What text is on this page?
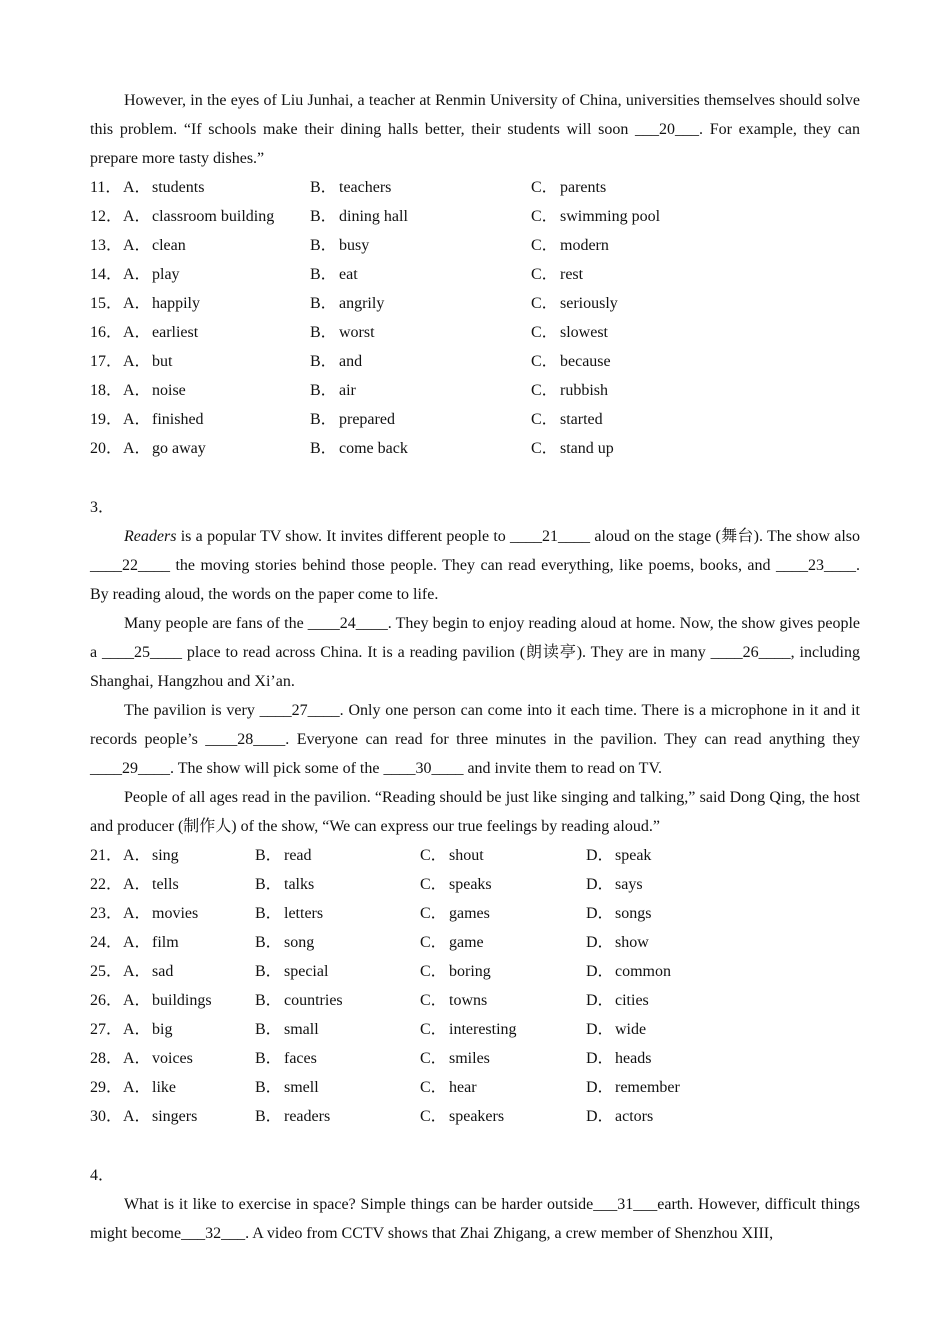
However, in the eyes of Liu Junhai, a teacher at Renmin University of China, universities themselves should solve this problem. “If schools make their dining halls better, their students will soon ___20___. For example, they can prepare more tasty dishes.”

11． A． students	B． teachers	C． parents
12． A． classroom building B． dining hall	C． swimming pool
13． A． clean	B． busy	C． modern
14． A． play	B． eat	C． rest
15． A． happily	B． angrily	C． seriously
16． A． earliest	B． worst	C． slowest
17． A． but	B． and	C． because
18． A． noise	B． air	C． rubbish
19． A． finished	B． prepared	C． started
20． A． go away	B． come back	C． stand up
3．

Readers is a popular TV show. It invites different people to ____21____ aloud on the stage (舞台). The show also ____22____ the moving stories behind those people. They can read everything, like poems, books, and ____23____. By reading aloud, the words on the paper come to life.

Many people are fans of the ____24____. They begin to enjoy reading aloud at home. Now, the show gives people a ____25____ place to read across China. It is a reading pavilion (朗读亭). They are in many ____26____, including Shanghai, Hangzhou and Xi’an.

The pavilion is very ____27____. Only one person can come into it each time. There is a microphone in it and it records people’s ____28____. Everyone can read for three minutes in the pavilion. They can read anything they ____29____. The show will pick some of the ____30____ and invite them to read on TV.

People of all ages read in the pavilion. “Reading should be just like singing and talking,” said Dong Qing, the host and producer (制作人) of the show, “We can express our true feelings by reading aloud.”

21． A． sing	B． read	C． shout	D． speak
22． A． tells	B． talks	C． speaks	D． says
23． A． movies	B． letters	C． games	D． songs
24． A． film	B． song	C． game	D． show
25． A． sad	B． special	C． boring	D． common
26． A． buildings	B． countries	C． towns	D． cities
27． A． big	B． small	C． interesting	D． wide
28． A． voices	B． faces	C． smiles	D． heads
29． A． like	B． smell	C． hear	D． remember
30． A． singers	B． readers	C． speakers	D． actors
4．

What is it like to exercise in space? Simple things can be harder outside___31___earth. However, difficult things might become___32___. A video from CCTV shows that Zhai Zhigang, a crew member of Shenzhou XIII,
